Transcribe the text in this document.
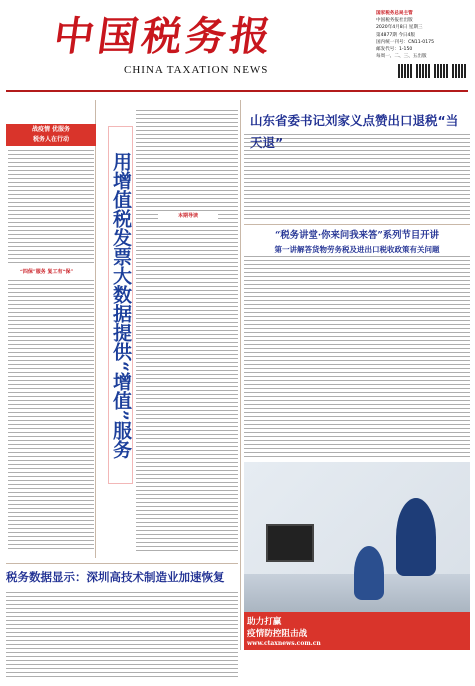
中国税务报
CHINA TAXATION NEWS
国家税务总局主管
中国税务报社出版
2020年4月8日 星期三
第4877期 今日4版
国内统一刊号：CN11-0175
邮发代号：1-150
每周一、二、三、五出版
战疫情 优服务
税务人在行动
“四保”服务 复工有“保”	用增值税发票大数据提供“增值”服务	本期导读
山东省委书记刘家义点赞出口退税“当天退”
“税务讲堂·你来问我来答”系列节目开讲
第一讲解答货物劳务税及进出口税收政策有关问题
助力打赢
疫情防控阻击战
www.ctaxnews.com.cn
税务数据显示：深圳高技术制造业加速恢复
